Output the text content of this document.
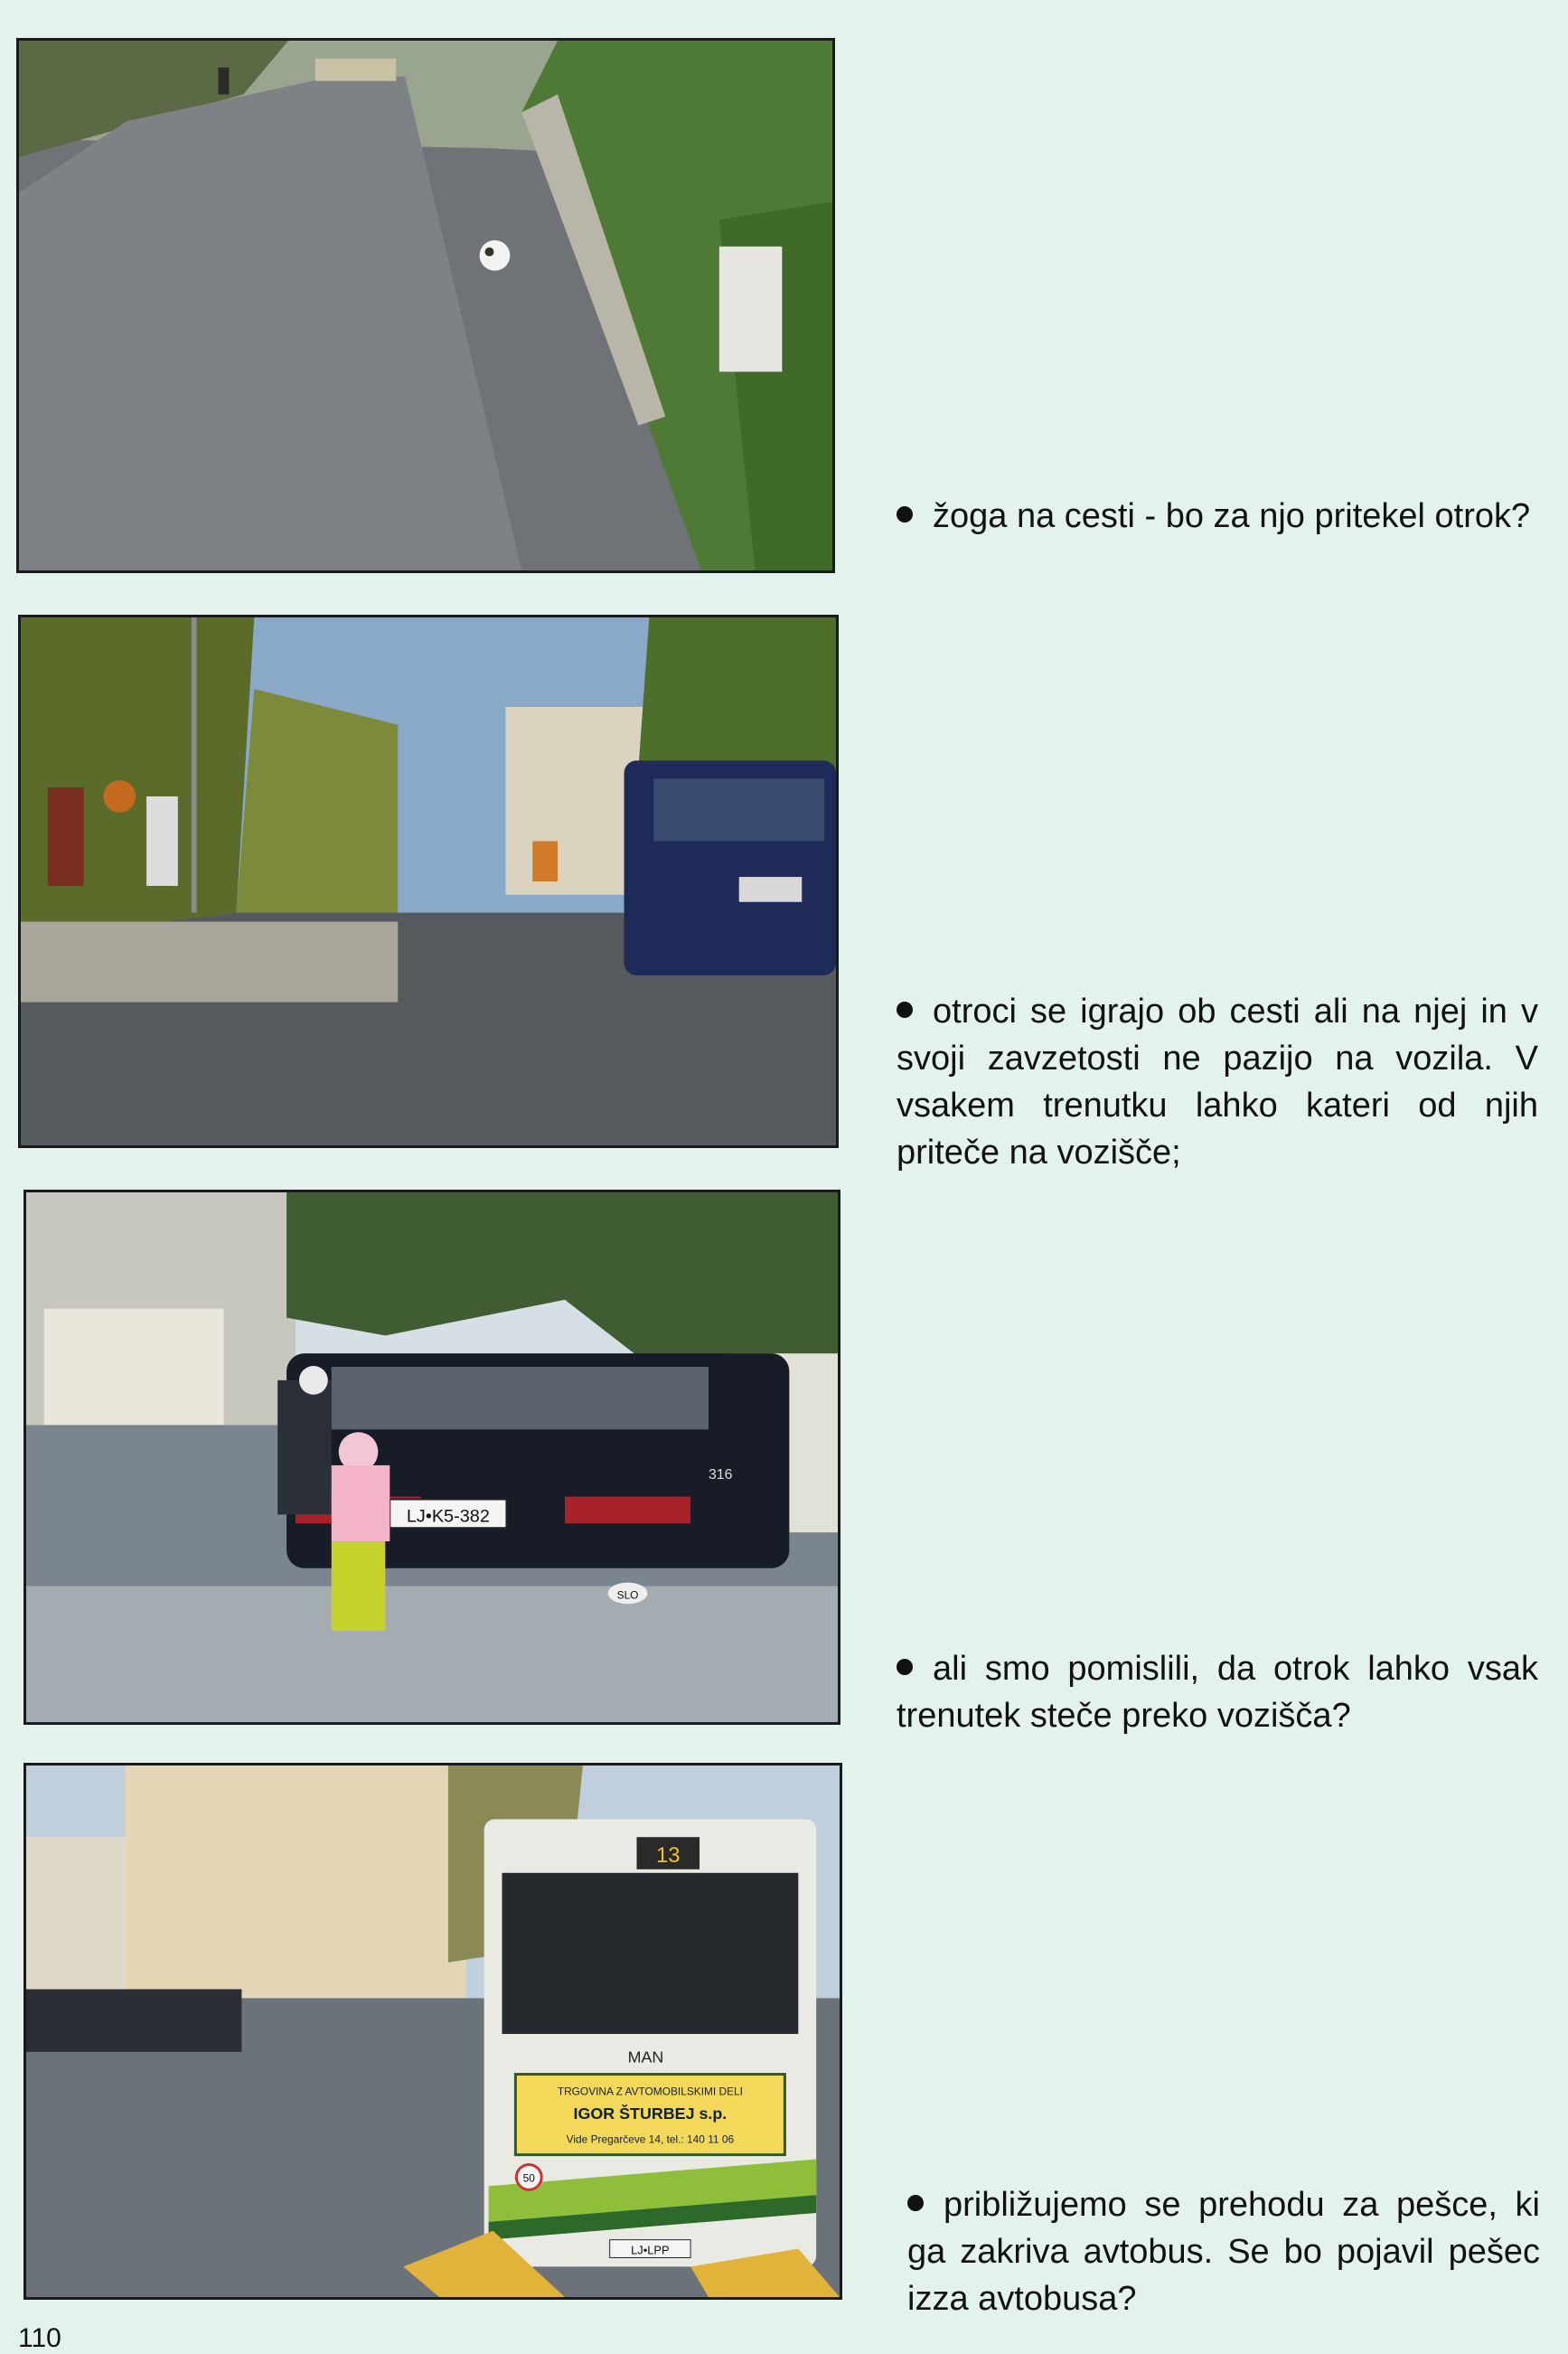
žoga na cesti - bo za njo pritekel otrok?
otroci se igrajo ob cesti ali na njej in v svoji zavzetosti ne pazijo na vozila. V vsakem trenutku lahko kateri od njih priteče na vozišče;
LJ•K5-382
316
SLO
ali smo pomislili, da otrok lahko vsak trenutek steče preko vozišča?
13
MAN
TRGOVINA Z AVTOMOBILSKIMI DELI
IGOR ŠTURBEJ s.p.
Vide Pregarčeve 14, tel.: 140 11 06
50
LJ•LPP
približujemo se prehodu za pešce, ki ga zakriva avtobus. Se bo pojavil pešec izza avtobusa?
110
